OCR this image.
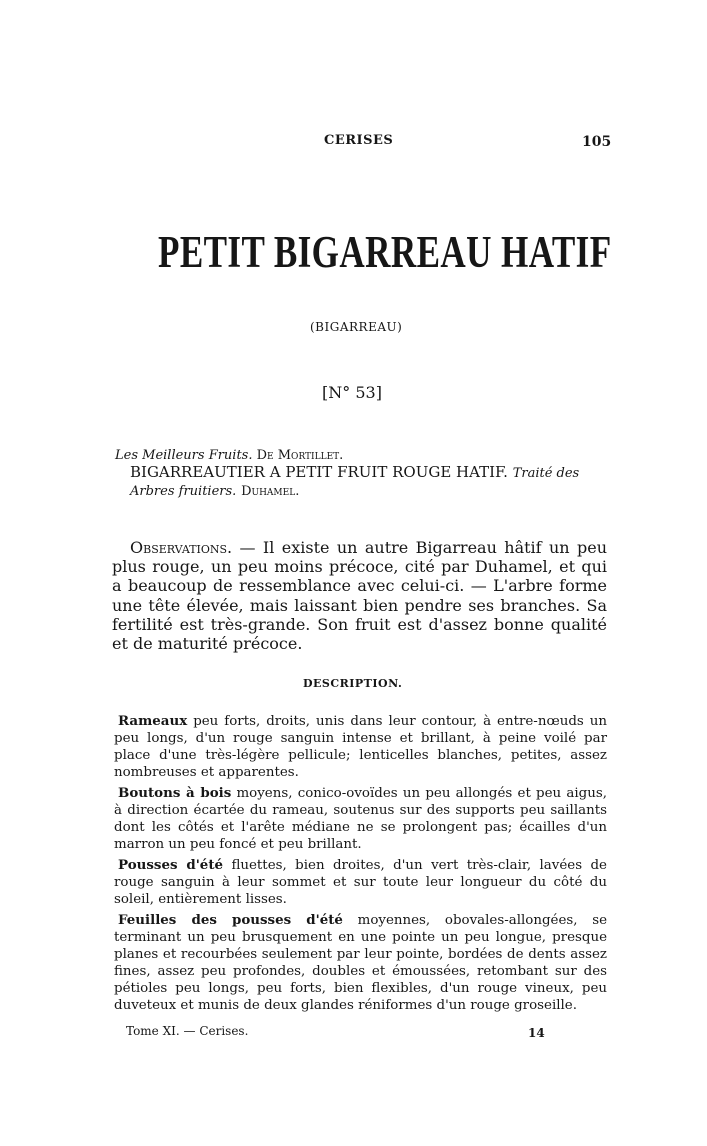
CERISES	105
PETIT BIGARREAU HATIF
(BIGARREAU)
[N° 53]
Les Meilleurs Fruits. De Mortillet.
BIGARREAUTIER A PETIT FRUIT ROUGE HATIF. Traité des Arbres fruitiers. Duhamel.

Observations. — Il existe un autre Bigarreau hâtif un peu plus rouge, un peu moins précoce, cité par Duhamel, et qui a beaucoup de ressemblance avec celui-ci. — L'arbre forme une tête élevée, mais laissant bien pendre ses branches. Sa fertilité est très-grande. Son fruit est d'assez bonne qualité et de maturité précoce.

DESCRIPTION.

Rameaux peu forts, droits, unis dans leur contour, à entre-nœuds un peu longs, d'un rouge sanguin intense et brillant, à peine voilé par place d'une très-légère pellicule; lenticelles blanches, petites, assez nombreuses et apparentes.

Boutons à bois moyens, conico-ovoïdes un peu allongés et peu aigus, à direction écartée du rameau, soutenus sur des supports peu saillants dont les côtés et l'arête médiane ne se prolongent pas; écailles d'un marron un peu foncé et peu brillant.

Pousses d'été fluettes, bien droites, d'un vert très-clair, lavées de rouge sanguin à leur sommet et sur toute leur longueur du côté du soleil, entièrement lisses.

Feuilles des pousses d'été moyennes, obovales-allongées, se terminant un peu brusquement en une pointe un peu longue, presque planes et recourbées seulement par leur pointe, bordées de dents assez fines, assez peu profondes, doubles et émoussées, retombant sur des pétioles peu longs, peu forts, bien flexibles, d'un rouge vineux, peu duveteux et munis de deux glandes réniformes d'un rouge groseille.

Tome XI. — Cerises.	14
